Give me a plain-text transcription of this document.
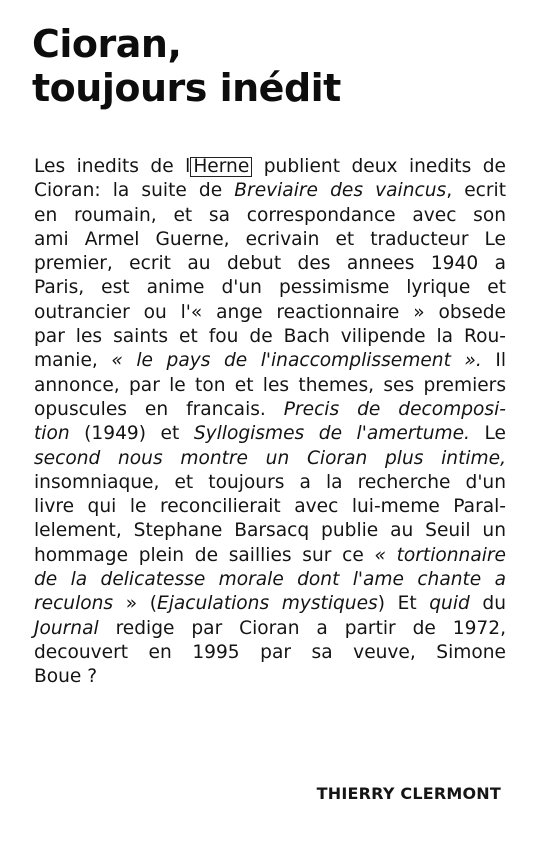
Cioran,
toujours inédit
Les inedits de l Herne publient deux inedits de
Cioran: la suite de Breviaire des vaincus, ecrit
en roumain, et sa correspondance avec son
ami Armel Guerne, ecrivain et traducteur Le
premier, ecrit au debut des annees 1940 a
Paris, est anime d'un pessimisme lyrique et
outrancier ou l'« ange reactionnaire » obsede
par les saints et fou de Bach vilipende la Rou-
manie, « le pays de l'inaccomplissement ». Il
annonce, par le ton et les themes, ses premiers
opuscules en francais. Precis de decomposi-
tion (1949) et Syllogismes de l'amertume. Le
second nous montre un Cioran plus intime,
insomniaque, et toujours a la recherche d'un
livre qui le reconcilierait avec lui-meme Paral-
lelement, Stephane Barsacq publie au Seuil un
hommage plein de saillies sur ce « tortionnaire
de la delicatesse morale dont l'ame chante a
reculons » (Ejaculations mystiques) Et quid du
Journal redige par Cioran a partir de 1972,
decouvert en 1995 par sa veuve, Simone
Boue ?
THIERRY CLERMONT
